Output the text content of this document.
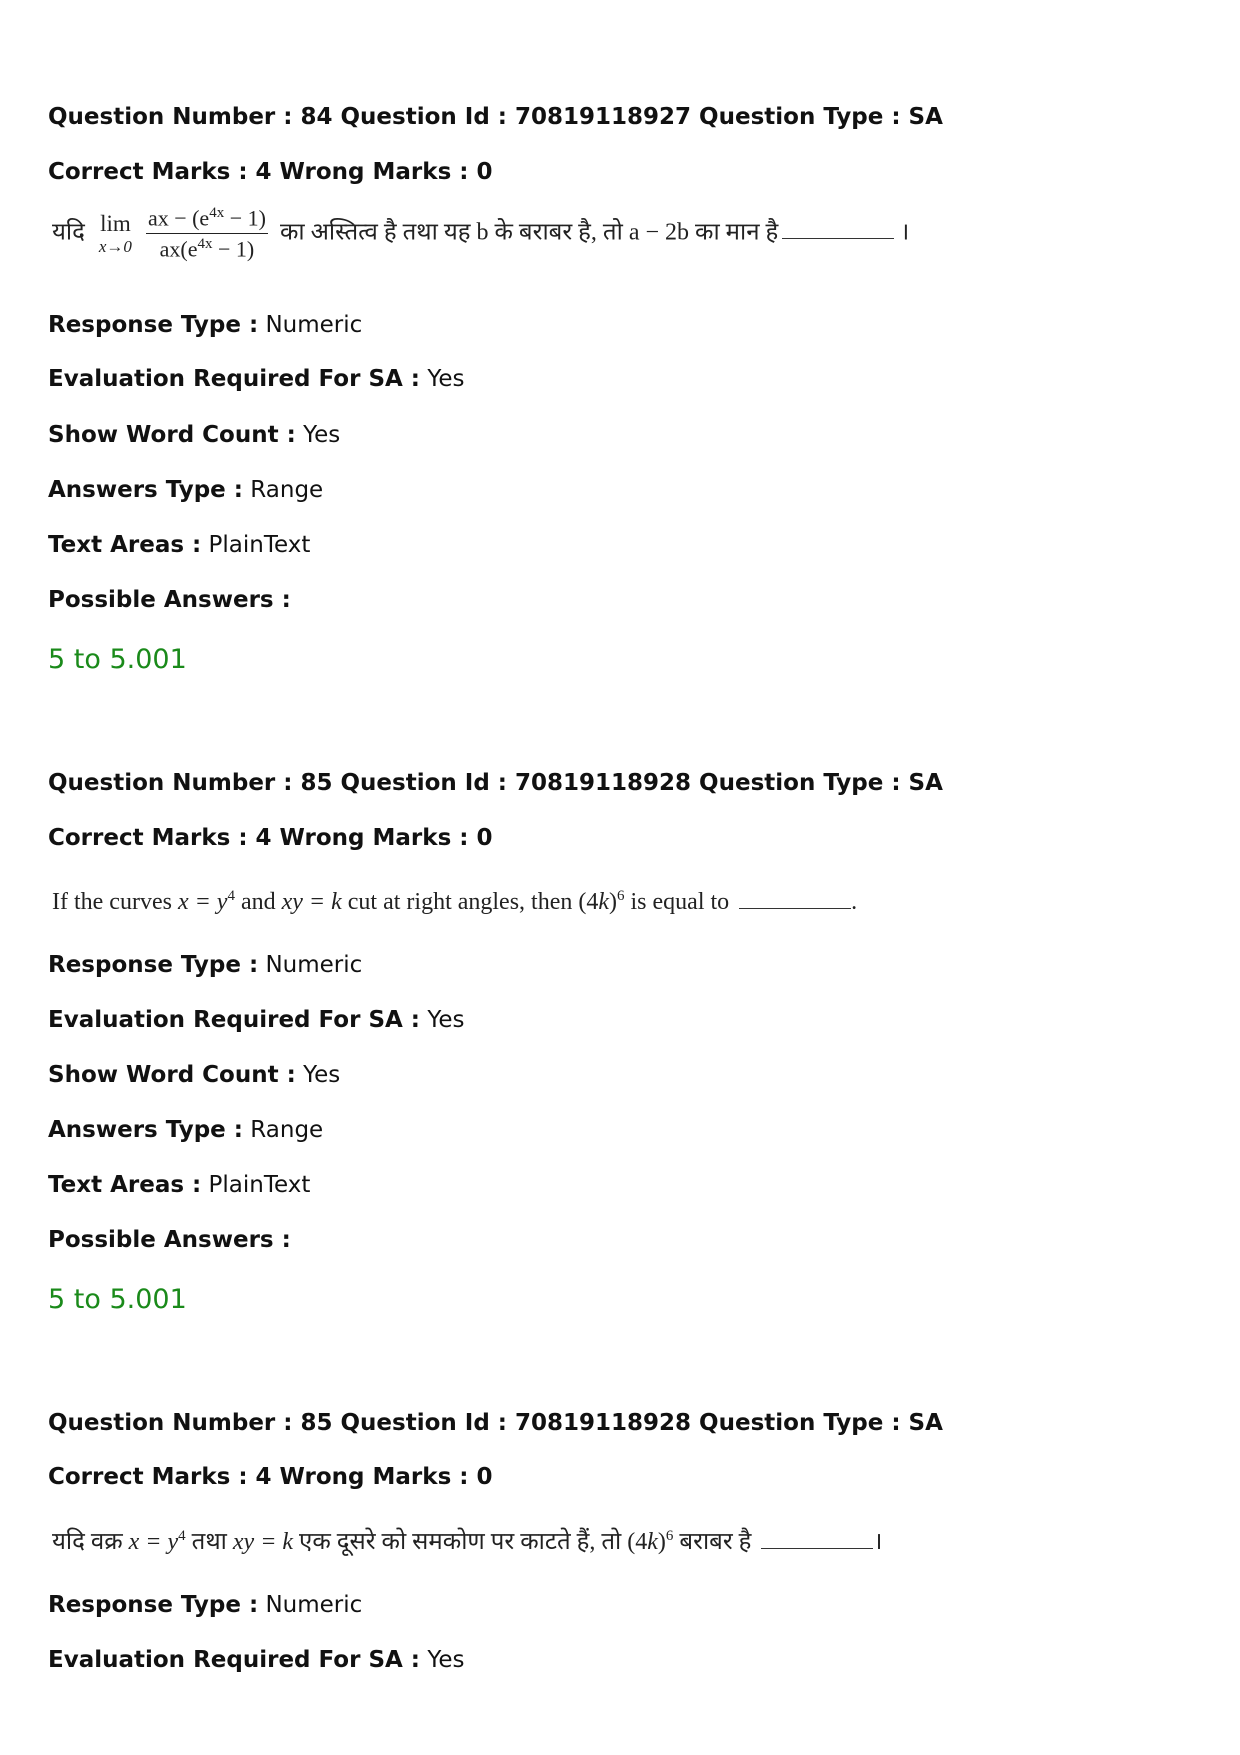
Question Number : 84 Question Id : 70819118927 Question Type : SA

Correct Marks : 4 Wrong Marks : 0

यदि lim
x→0
$\frac{ax - (e^{4x} - 1)}{ax(e^{4x} - 1)}$ का अस्तित्व है तथा यह b के बराबर है, तो a − 2b का मान है	।

Response Type : Numeric

Evaluation Required For SA : Yes

Show Word Count : Yes

Answers Type : Range

Text Areas : PlainText

Possible Answers :

5 to 5.001

Question Number : 85 Question Id : 70819118928 Question Type : SA

Correct Marks : 4 Wrong Marks : 0

If the curves $x = y^4$ and xy = k cut at right angles, then $(4k)^6$ is equal to	.

Response Type : Numeric

Evaluation Required For SA : Yes

Show Word Count : Yes

Answers Type : Range

Text Areas : PlainText

Possible Answers :

5 to 5.001

Question Number : 85 Question Id : 70819118928 Question Type : SA

Correct Marks : 4 Wrong Marks : 0

यदि वक्र $x = y^4$ तथा xy = k एक दूसरे को समकोण पर काटते हैं, तो $(4k)^6$ बराबर है	।

Response Type : Numeric

Evaluation Required For SA : Yes
